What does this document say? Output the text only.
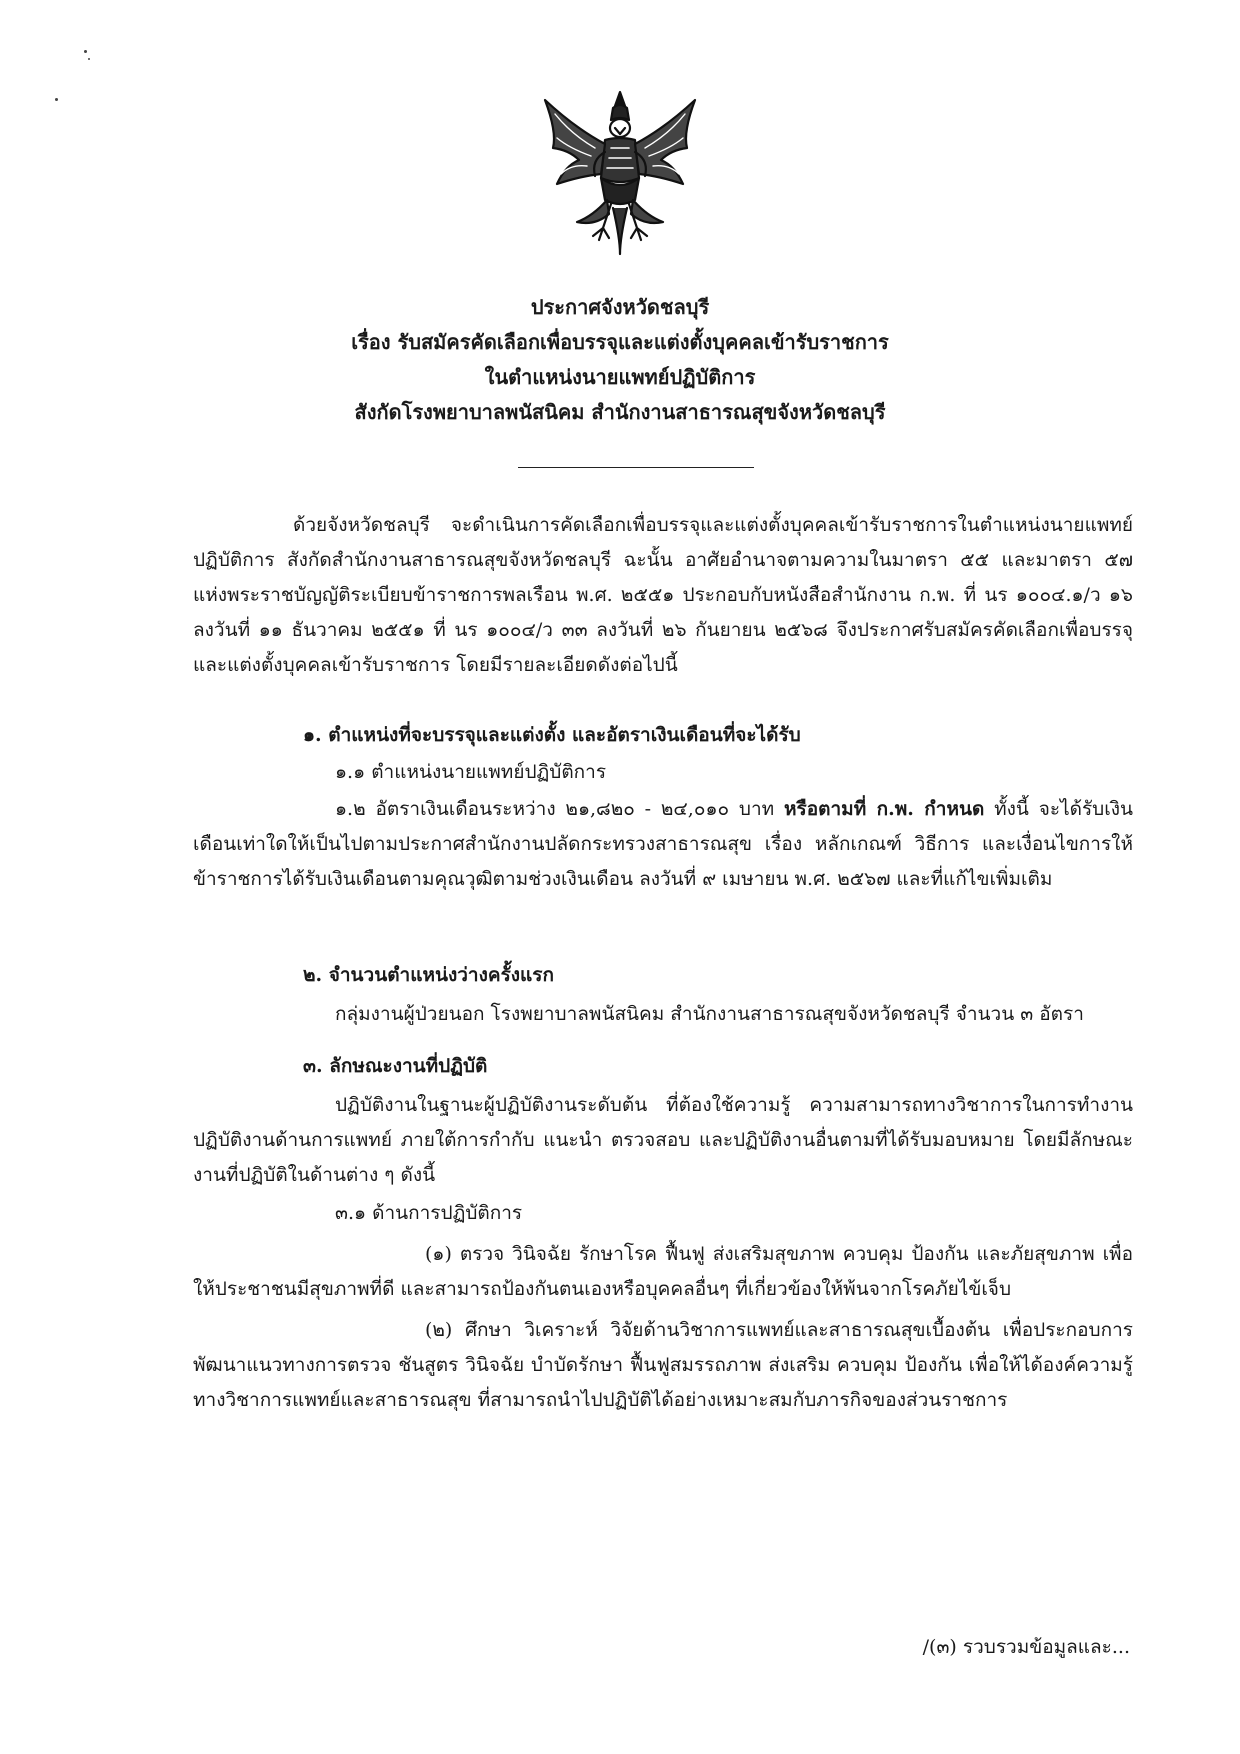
ประกาศจังหวัดชลบุรี
เรื่อง รับสมัครคัดเลือกเพื่อบรรจุและแต่งตั้งบุคคลเข้ารับราชการ
ในตำแหน่งนายแพทย์ปฏิบัติการ
สังกัดโรงพยาบาลพนัสนิคม สำนักงานสาธารณสุขจังหวัดชลบุรี
ด้วยจังหวัดชลบุรี จะดำเนินการคัดเลือกเพื่อบรรจุและแต่งตั้งบุคคลเข้ารับราชการในตำแหน่งนายแพทย์ปฏิบัติการ สังกัดสำนักงานสาธารณสุขจังหวัดชลบุรี ฉะนั้น อาศัยอำนาจตามความในมาตรา ๕๕ และมาตรา ๕๗ แห่งพระราชบัญญัติระเบียบข้าราชการพลเรือน พ.ศ. ๒๕๕๑ ประกอบกับหนังสือสำนักงาน ก.พ. ที่ นร ๑๐๐๔.๑/ว ๑๖ ลงวันที่ ๑๑ ธันวาคม ๒๕๕๑ ที่ นร ๑๐๐๔/ว ๓๓ ลงวันที่ ๒๖ กันยายน ๒๕๖๘ จึงประกาศรับสมัครคัดเลือกเพื่อบรรจุและแต่งตั้งบุคคลเข้ารับราชการ โดยมีรายละเอียดดังต่อไปนี้
๑. ตำแหน่งที่จะบรรจุและแต่งตั้ง และอัตราเงินเดือนที่จะได้รับ
๑.๑ ตำแหน่งนายแพทย์ปฏิบัติการ
๑.๒ อัตราเงินเดือนระหว่าง ๒๑,๘๒๐ - ๒๔,๐๑๐ บาท หรือตามที่ ก.พ. กำหนด ทั้งนี้ จะได้รับเงินเดือนเท่าใดให้เป็นไปตามประกาศสำนักงานปลัดกระทรวงสาธารณสุข เรื่อง หลักเกณฑ์ วิธีการ และเงื่อนไขการให้ข้าราชการได้รับเงินเดือนตามคุณวุฒิตามช่วงเงินเดือน ลงวันที่ ๙ เมษายน พ.ศ. ๒๕๖๗ และที่แก้ไขเพิ่มเติม
๒. จำนวนตำแหน่งว่างครั้งแรก
กลุ่มงานผู้ป่วยนอก โรงพยาบาลพนัสนิคม สำนักงานสาธารณสุขจังหวัดชลบุรี จำนวน ๓ อัตรา
๓. ลักษณะงานที่ปฏิบัติ
ปฏิบัติงานในฐานะผู้ปฏิบัติงานระดับต้น ที่ต้องใช้ความรู้ ความสามารถทางวิชาการในการทำงาน ปฏิบัติงานด้านการแพทย์ ภายใต้การกำกับ แนะนำ ตรวจสอบ และปฏิบัติงานอื่นตามที่ได้รับมอบหมาย โดยมีลักษณะงานที่ปฏิบัติในด้านต่าง ๆ ดังนี้
๓.๑ ด้านการปฏิบัติการ
(๑) ตรวจ วินิจฉัย รักษาโรค ฟื้นฟู ส่งเสริมสุขภาพ ควบคุม ป้องกัน และภัยสุขภาพ เพื่อให้ประชาชนมีสุขภาพที่ดี และสามารถป้องกันตนเองหรือบุคคลอื่นๆ ที่เกี่ยวข้องให้พ้นจากโรคภัยไข้เจ็บ
(๒) ศึกษา วิเคราะห์ วิจัยด้านวิชาการแพทย์และสาธารณสุขเบื้องต้น เพื่อประกอบการพัฒนาแนวทางการตรวจ ชันสูตร วินิจฉัย บำบัดรักษา ฟื้นฟูสมรรถภาพ ส่งเสริม ควบคุม ป้องกัน เพื่อให้ได้องค์ความรู้ทางวิชาการแพทย์และสาธารณสุข ที่สามารถนำไปปฏิบัติได้อย่างเหมาะสมกับภารกิจของส่วนราชการ
/(๓) รวบรวมข้อมูลและ...
